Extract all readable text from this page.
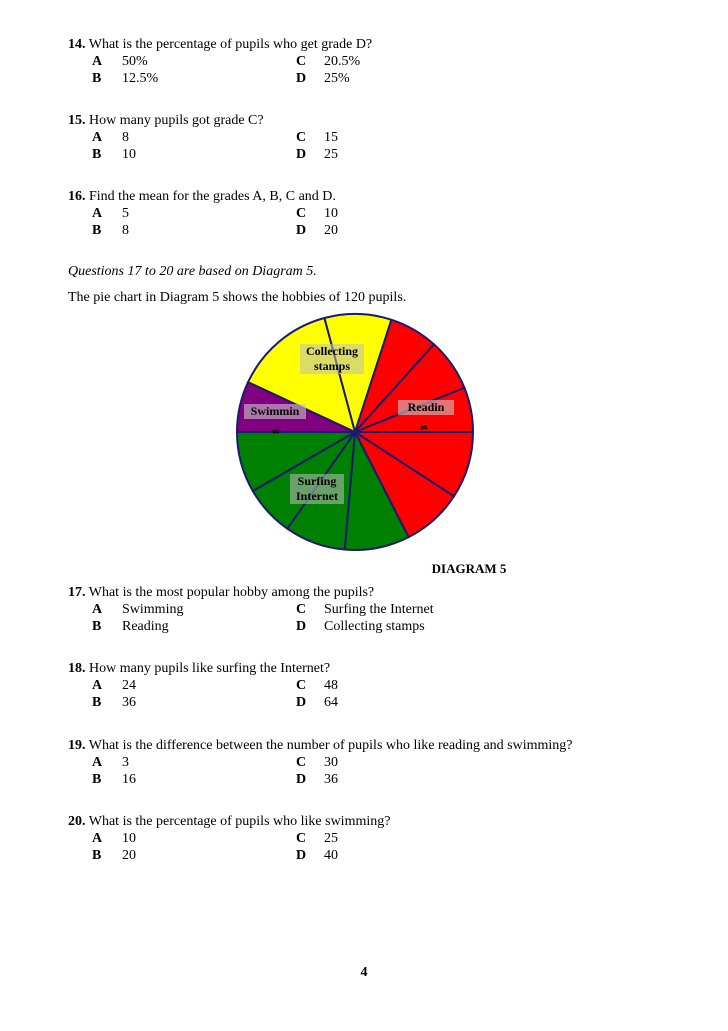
14. What is the percentage of pupils who get grade D?
A 50%	C 20.5%
B 12.5%	D 25%
15. How many pupils got grade C?
A 8	C 15
B 10	D 25
16. Find the mean for the grades A, B, C and D.
A 5	C 10
B 8	D 20
Questions 17 to 20 are based on Diagram 5.
The pie chart in Diagram 5 shows the hobbies of 120 pupils.
Collecting
stamps
Swimmin
g
Readin
g
Surfing
Internet
DIAGRAM 5
17. What is the most popular hobby among the pupils?
A Swimming	C Surfing the Internet
B Reading	D Collecting stamps
18. How many pupils like surfing the Internet?
A 24	C 48
B 36	D 64
19. What is the difference between the number of pupils who like reading and swimming?
A 3	C 30
B 16	D 36
20. What is the percentage of pupils who like swimming?
A 10	C 25
B 20	D 40
4
